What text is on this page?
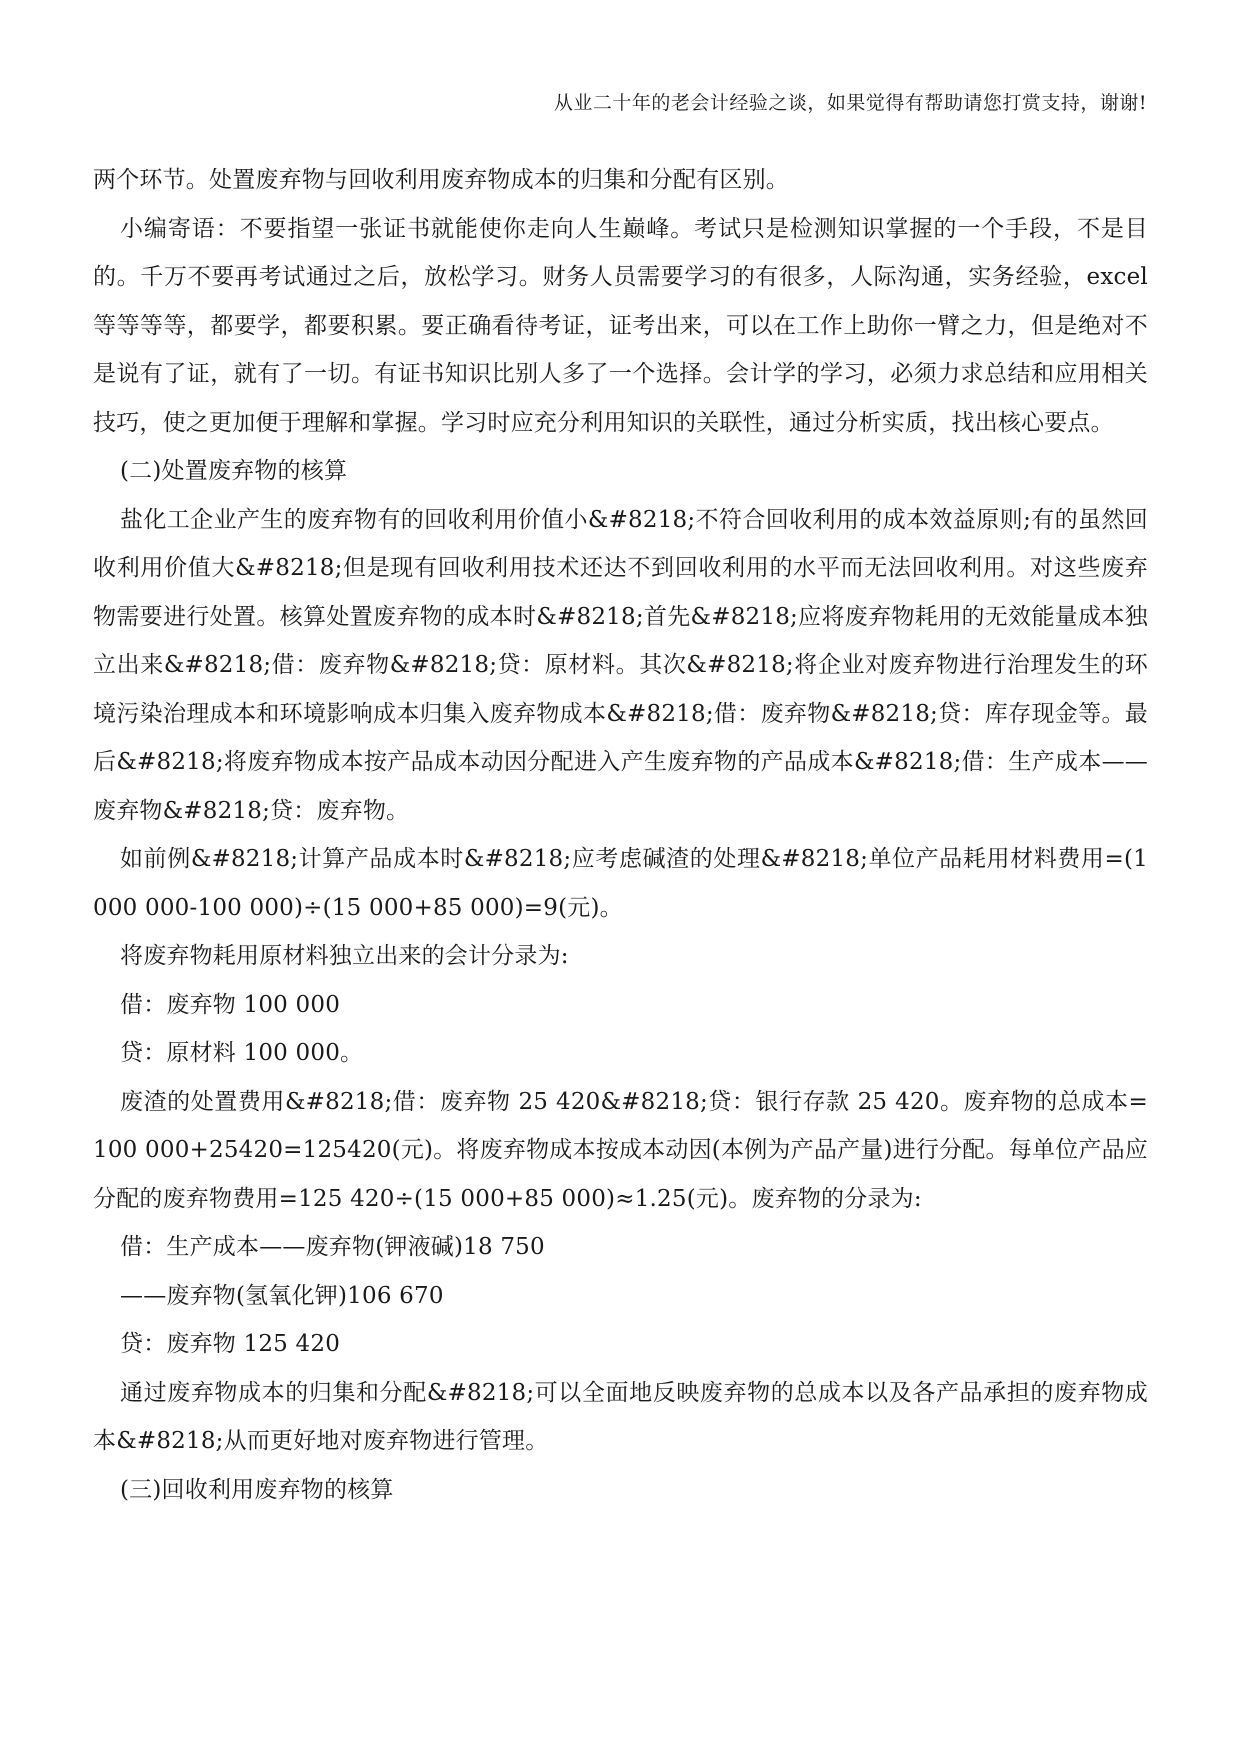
从业二十年的老会计经验之谈，如果觉得有帮助请您打赏支持，谢谢!

两个环节。处置废弃物与回收利用废弃物成本的归集和分配有区别。

小编寄语：不要指望一张证书就能使你走向人生巅峰。考试只是检测知识掌握的一个手段，不是目的。千万不要再考试通过之后，放松学习。财务人员需要学习的有很多，人际沟通，实务经验，excel等等等等，都要学，都要积累。要正确看待考证，证考出来，可以在工作上助你一臂之力，但是绝对不是说有了证，就有了一切。有证书知识比别人多了一个选择。会计学的学习，必须力求总结和应用相关技巧，使之更加便于理解和掌握。学习时应充分利用知识的关联性，通过分析实质，找出核心要点。

(二)处置废弃物的核算

盐化工企业产生的废弃物有的回收利用价值小&#8218;不符合回收利用的成本效益原则;有的虽然回收利用价值大&#8218;但是现有回收利用技术还达不到回收利用的水平而无法回收利用。对这些废弃物需要进行处置。核算处置废弃物的成本时&#8218;首先&#8218;应将废弃物耗用的无效能量成本独立出来&#8218;借：废弃物&#8218;贷：原材料。其次&#8218;将企业对废弃物进行治理发生的环境污染治理成本和环境影响成本归集入废弃物成本&#8218;借：废弃物&#8218;贷：库存现金等。最后&#8218;将废弃物成本按产品成本动因分配进入产生废弃物的产品成本&#8218;借：生产成本——废弃物&#8218;贷：废弃物。

如前例&#8218;计算产品成本时&#8218;应考虑碱渣的处理&#8218;单位产品耗用材料费用=(1 000 000-100 000)÷(15 000+85 000)=9(元)。

将废弃物耗用原材料独立出来的会计分录为:

借：废弃物 100 000

贷：原材料 100 000。

废渣的处置费用&#8218;借：废弃物 25 420&#8218;贷：银行存款 25 420。废弃物的总成本=100 000+25420=125420(元)。将废弃物成本按成本动因(本例为产品产量)进行分配。每单位产品应分配的废弃物费用=125 420÷(15 000+85 000)≈1.25(元)。废弃物的分录为:

借：生产成本——废弃物(钾液碱)18 750

——废弃物(氢氧化钾)106 670

贷：废弃物 125 420

通过废弃物成本的归集和分配&#8218;可以全面地反映废弃物的总成本以及各产品承担的废弃物成本&#8218;从而更好地对废弃物进行管理。

(三)回收利用废弃物的核算
